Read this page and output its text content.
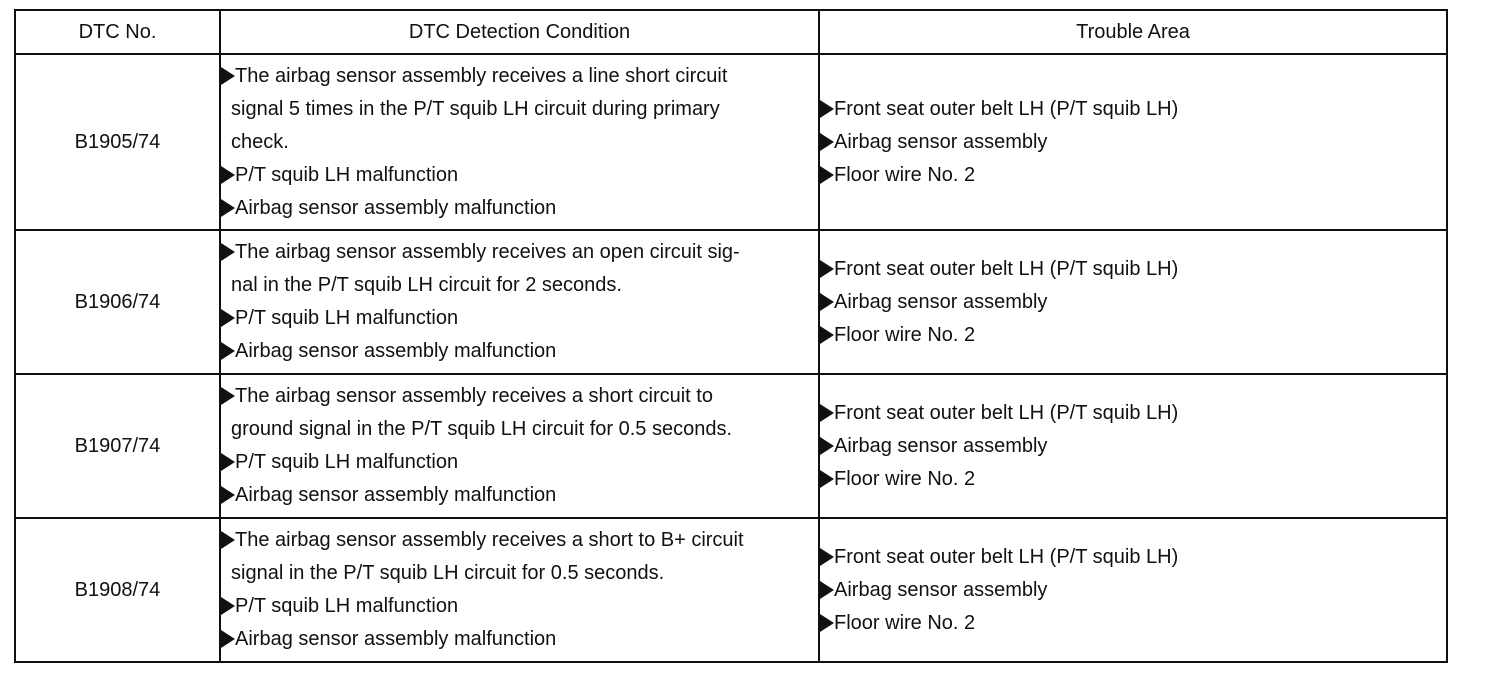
DTC No.	DTC Detection Condition	Trouble Area
B1905/74	The airbag sensor assembly receives a line short circuit
signal 5 times in the P/T squib LH circuit during primary
check.
P/T squib LH malfunction
Airbag sensor assembly malfunction	Front seat outer belt LH (P/T squib LH)
Airbag sensor assembly
Floor wire No. 2

B1906/74	The airbag sensor assembly receives an open circuit sig-
nal in the P/T squib LH circuit for 2 seconds.
P/T squib LH malfunction
Airbag sensor assembly malfunction	Front seat outer belt LH (P/T squib LH)
Airbag sensor assembly
Floor wire No. 2

B1907/74	The airbag sensor assembly receives a short circuit to
ground signal in the P/T squib LH circuit for 0.5 seconds.
P/T squib LH malfunction
Airbag sensor assembly malfunction	Front seat outer belt LH (P/T squib LH)
Airbag sensor assembly
Floor wire No. 2

B1908/74	The airbag sensor assembly receives a short to B+ circuit
signal in the P/T squib LH circuit for 0.5 seconds.
P/T squib LH malfunction
Airbag sensor assembly malfunction	Front seat outer belt LH (P/T squib LH)
Airbag sensor assembly
Floor wire No. 2
